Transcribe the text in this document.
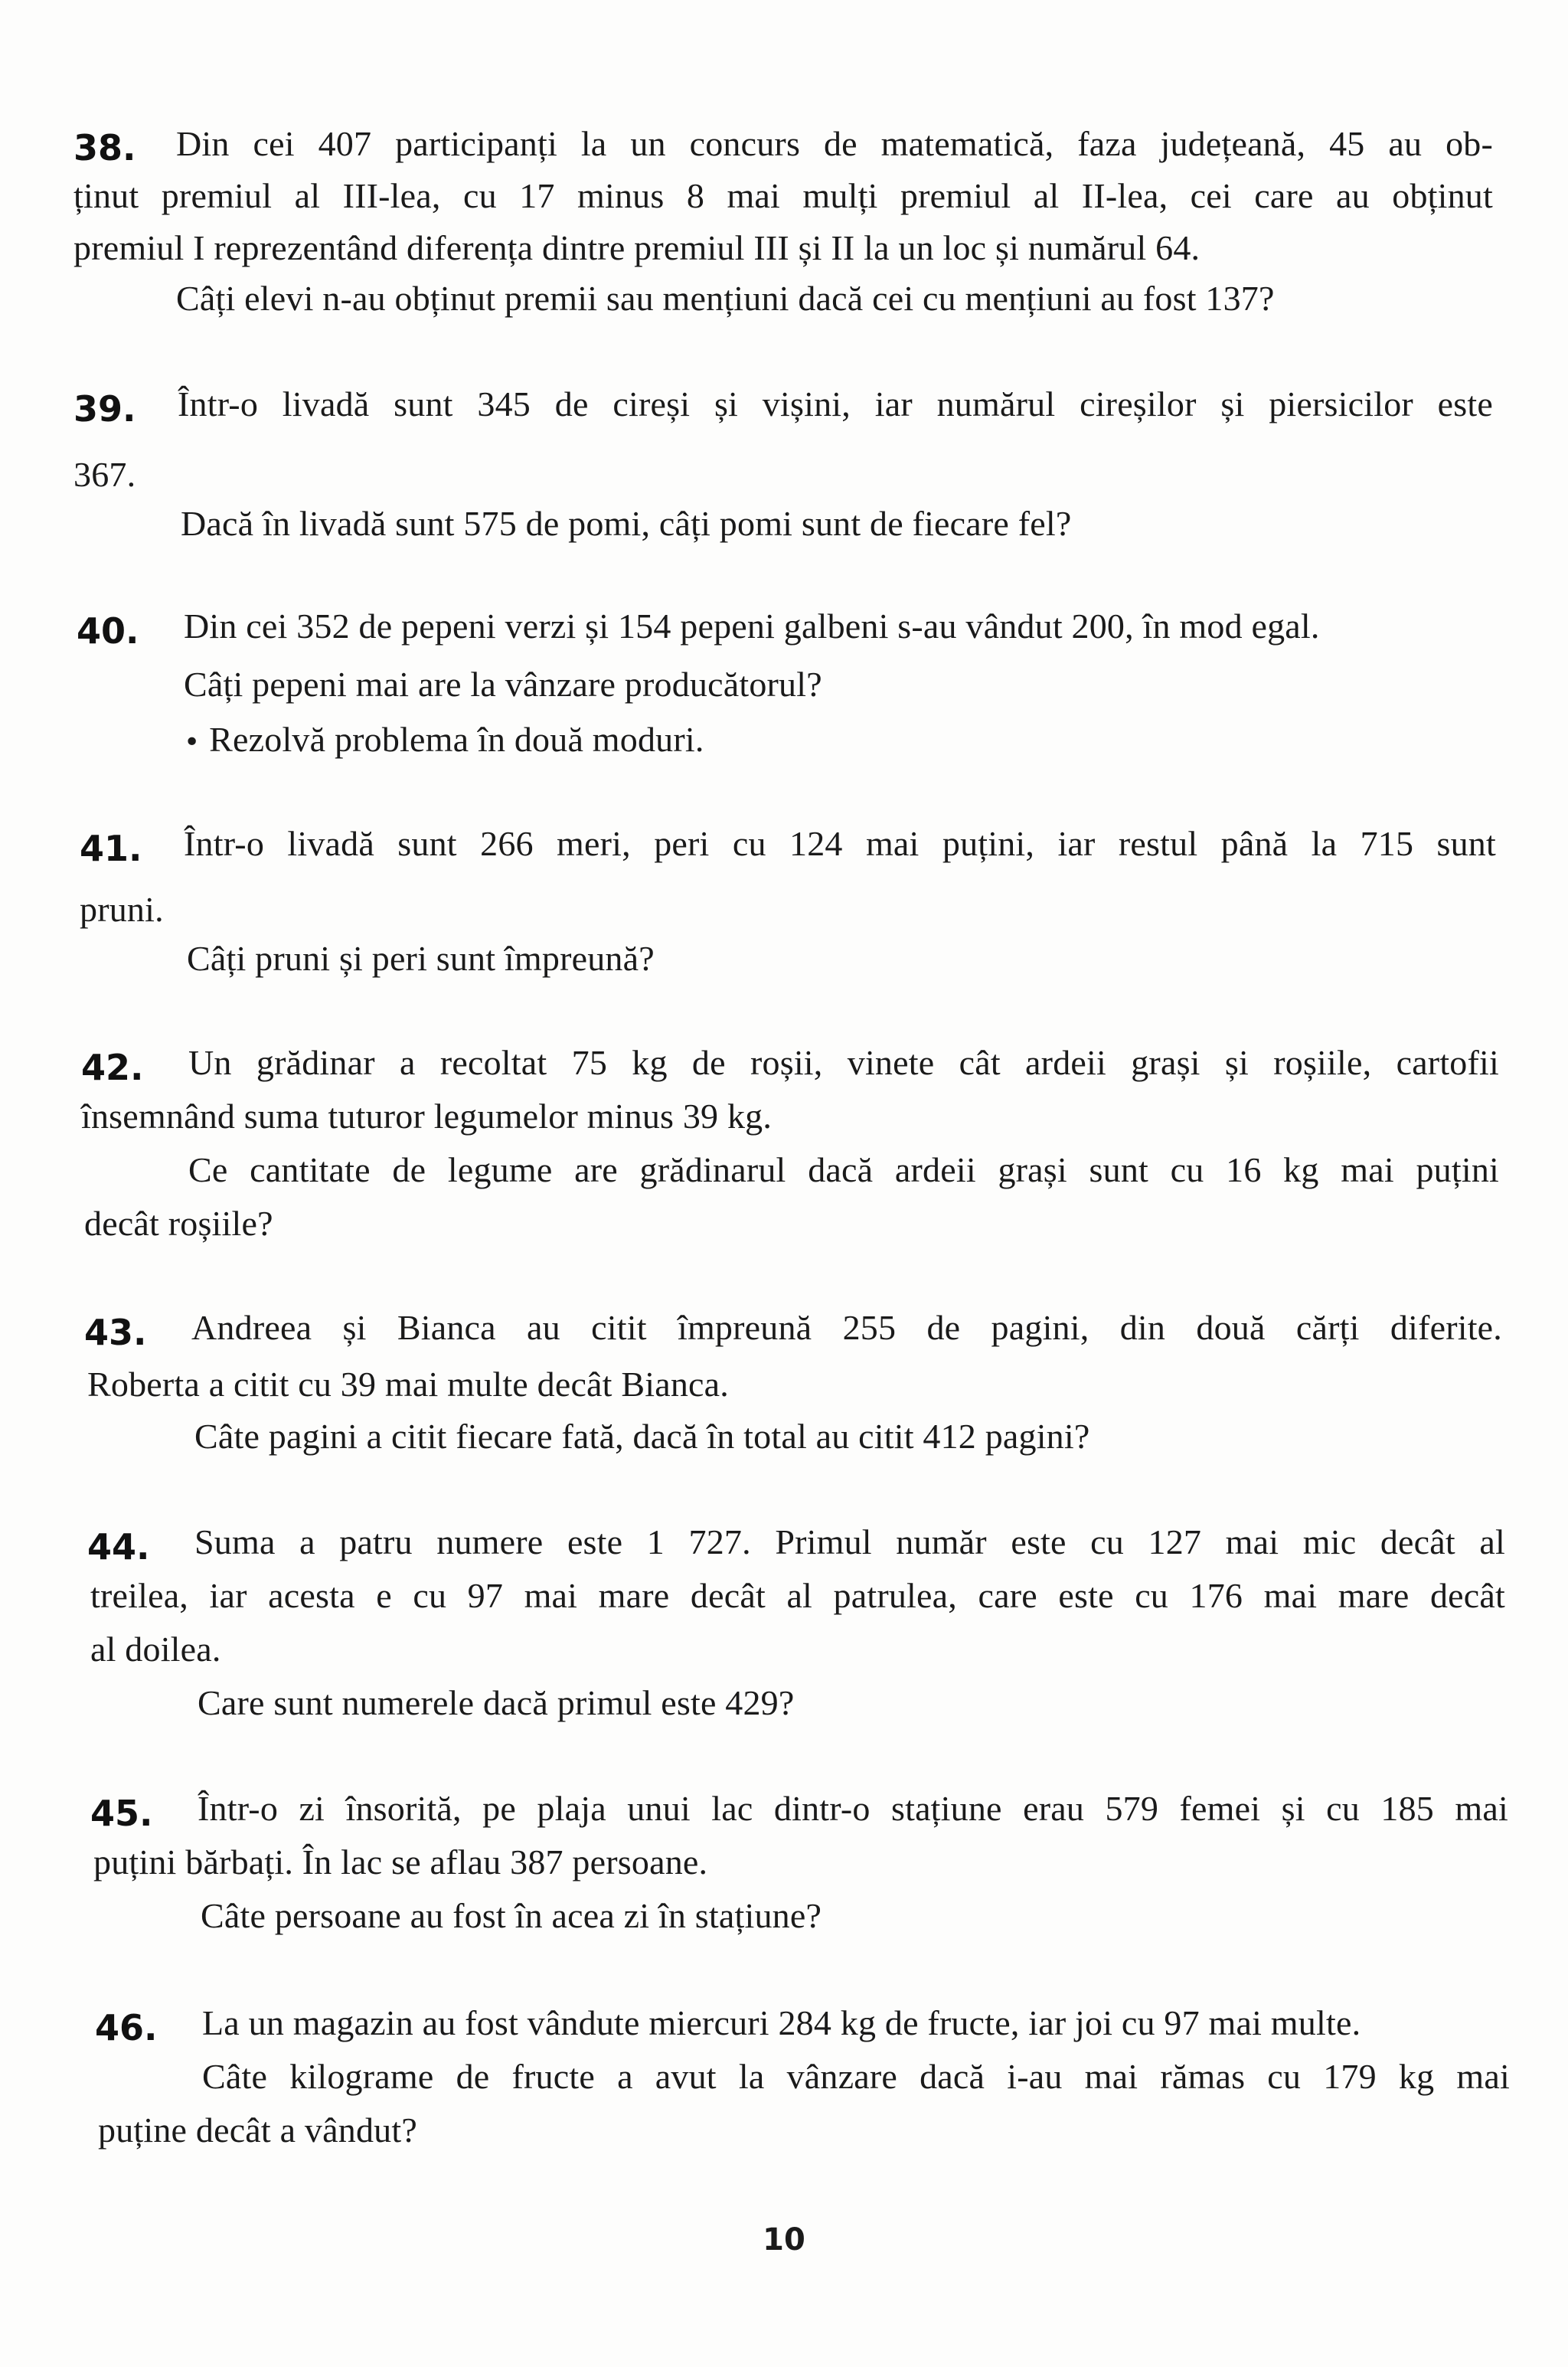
38. Din cei 407 participanți la un concurs de matematică, faza județeană, 45 au ob-
ținut premiul al III-lea, cu 17 minus 8 mai mulți premiul al II-lea, cei care au obținut
premiul I reprezentând diferența dintre premiul III și II la un loc și numărul 64.
Câți elevi n-au obținut premii sau mențiuni dacă cei cu mențiuni au fost 137?
39. Într-o livadă sunt 345 de cireși și vișini, iar numărul cireșilor și piersicilor este
367.
Dacă în livadă sunt 575 de pomi, câți pomi sunt de fiecare fel?
40. Din cei 352 de pepeni verzi și 154 pepeni galbeni s-au vândut 200, în mod egal.
Câți pepeni mai are la vânzare producătorul?
• Rezolvă problema în două moduri.
41. Într-o livadă sunt 266 meri, peri cu 124 mai puțini, iar restul până la 715 sunt
pruni.
Câți pruni și peri sunt împreună?
42. Un grădinar a recoltat 75 kg de roșii, vinete cât ardeii grași și roșiile, cartofii
însemnând suma tuturor legumelor minus 39 kg.
Ce cantitate de legume are grădinarul dacă ardeii grași sunt cu 16 kg mai puțini
decât roșiile?
43. Andreea și Bianca au citit împreună 255 de pagini, din două cărți diferite.
Roberta a citit cu 39 mai multe decât Bianca.
Câte pagini a citit fiecare fată, dacă în total au citit 412 pagini?
44. Suma a patru numere este 1 727. Primul număr este cu 127 mai mic decât al
treilea, iar acesta e cu 97 mai mare decât al patrulea, care este cu 176 mai mare decât
al doilea.
Care sunt numerele dacă primul este 429?
45. Într-o zi însorită, pe plaja unui lac dintr-o stațiune erau 579 femei și cu 185 mai
puțini bărbați. În lac se aflau 387 persoane.
Câte persoane au fost în acea zi în stațiune?
46. La un magazin au fost vândute miercuri 284 kg de fructe, iar joi cu 97 mai multe.
Câte kilograme de fructe a avut la vânzare dacă i-au mai rămas cu 179 kg mai
puține decât a vândut?
10
